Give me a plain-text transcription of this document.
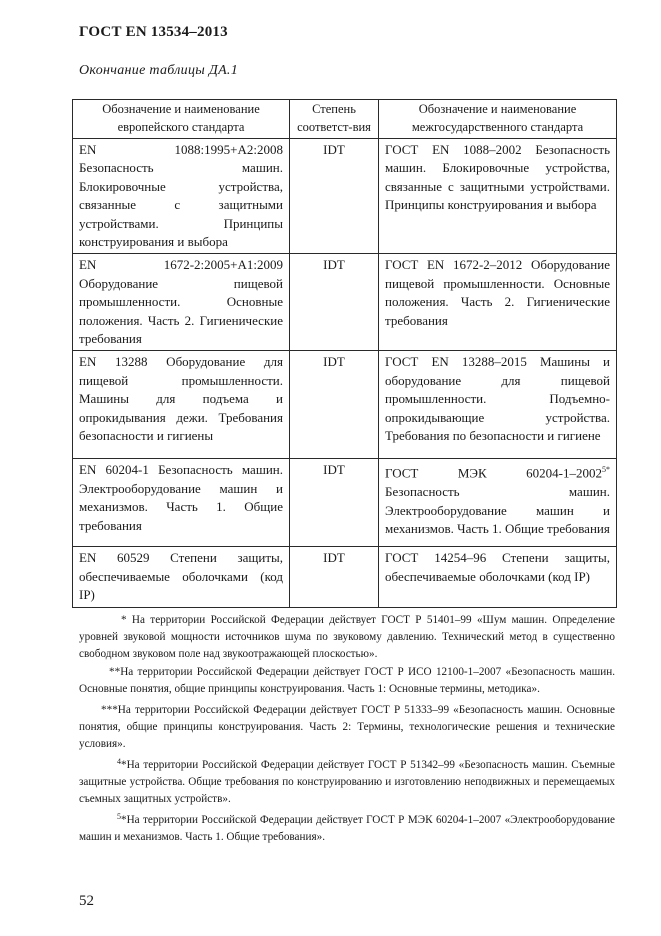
ГОСТ EN 13534–2013
Окончание таблицы ДА.1
Обозначение и наименование европейского стандарта	Степень соответст-вия	Обозначение и наименование межгосударственного стандарта
EN 1088:1995+A2:2008 Безопасность машин. Блокировочные устройства, связанные с защитными устройствами. Принципы конструирования и выбора	IDT	ГОСТ EN 1088–2002 Безопасность машин. Блокировочные устройства, связанные с защитными устройствами. Принципы конструирования и выбора
EN 1672-2:2005+A1:2009 Оборудование пищевой промышленности. Основные положения. Часть 2. Гигиенические требования	IDT	ГОСТ EN 1672-2–2012 Оборудование пищевой промышленности. Основные положения. Часть 2. Гигиенические требования
EN 13288 Оборудование для пищевой промышленности. Машины для подъема и опрокидывания дежи. Требования безопасности и гигиены	IDT	ГОСТ EN 13288–2015 Машины и оборудование для пищевой промышленности. Подъемно-опрокидывающие устройства. Требования по безопасности и гигиене
EN 60204-1 Безопасность машин. Электрооборудование машин и механизмов. Часть 1. Общие требования	IDT	ГОСТ МЭК $60204-1-2002^{5*}$ Безопасность машин. Электрооборудование машин и механизмов. Часть 1. Общие требования
EN 60529 Степени защиты, обеспечиваемые оболочками (код IP)	IDT	ГОСТ 14254–96 Степени защиты, обеспечиваемые оболочками (код IP)

* На территории Российской Федерации действует ГОСТ Р 51401–99 «Шум машин. Определение уровней звуковой мощности источников шума по звуковому давлению. Технический метод в существенно свободном звуковом поле над звукоотражающей плоскостью».

**На территории Российской Федерации действует ГОСТ Р ИСО 12100-1–2007 «Безопасность машин. Основные понятия, общие принципы конструирования. Часть 1: Основные термины, методика».

***На территории Российской Федерации действует ГОСТ Р 51333–99 «Безопасность машин. Основные понятия, общие принципы конструирования. Часть 2: Термины, технологические решения и технические условия».

$^4$*На территории Российской Федерации действует ГОСТ Р 51342–99 «Безопасность машин. Съемные защитные устройства. Общие требования по конструированию и изготовлению неподвижных и перемещаемых съемных защитных устройств».

$^5$*На территории Российской Федерации действует ГОСТ Р МЭК 60204-1–2007 «Электрооборудование машин и механизмов. Часть 1. Общие требования».

52
